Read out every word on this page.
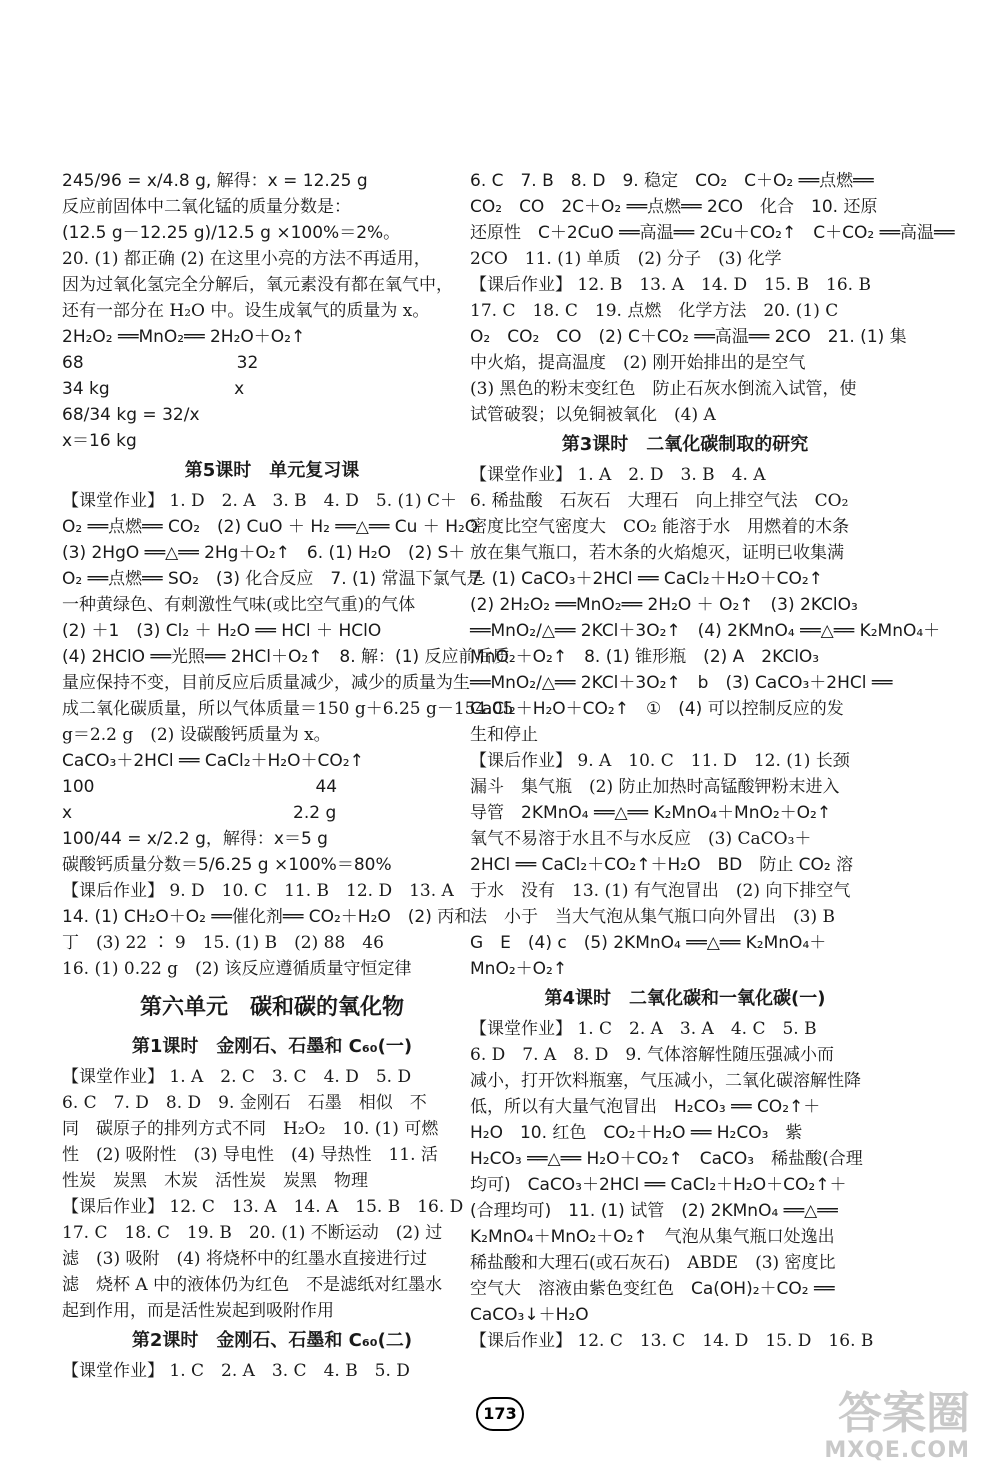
245/96 = x/4.8 g, 解得：x = 12.25 g
反应前固体中二氧化锰的质量分数是：
(12.5 g－12.25 g)/12.5 g ×100%＝2%。
20. (1) 都正确 (2) 在这里小亮的方法不再适用，
因为过氧化氢完全分解后，氧元素没有都在氧气中，
还有一部分在 H₂O 中。设生成氧气的质量为 x。
2H₂O₂ ══MnO₂══ 2H₂O＋O₂↑
68　　　　　　　　　32
34 kg　　　　　　　 x
68/34 kg = 32/x
x＝16 kg
第5课时　单元复习课
【课堂作业】 1. D　2. A　3. B　4. D　5. (1) C＋
O₂ ══点燃══ CO₂　(2) CuO ＋ H₂ ══△══ Cu ＋ H₂O
(3) 2HgO ══△══ 2Hg＋O₂↑　6. (1) H₂O　(2) S＋
O₂ ══点燃══ SO₂　(3) 化合反应　7. (1) 常温下氯气是
一种黄绿色、有刺激性气味(或比空气重)的气体
(2) ＋1　(3) Cl₂ ＋ H₂O ══ HCl ＋ HClO
(4) 2HClO ══光照══ 2HCl＋O₂↑　8. 解：(1) 反应前后质
量应保持不变，目前反应后质量减少，减少的质量为生
成二氧化碳质量，所以气体质量＝150 g＋6.25 g－154.05
g＝2.2 g　(2) 设碳酸钙质量为 x。
CaCO₃＋2HCl ══ CaCl₂＋H₂O＋CO₂↑
100　　　　　　　　　　　　　44
x　　　　　　　　　　　　　2.2 g
100/44 = x/2.2 g，解得：x＝5 g
碳酸钙质量分数＝5/6.25 g ×100%＝80%
【课后作业】 9. D　10. C　11. B　12. D　13. A
14. (1) CH₂O＋O₂ ══催化剂══ CO₂＋H₂O　(2) 丙和
丁　(3) 22 ∶ 9　15. (1) B　(2) 88　46
16. (1) 0.22 g　(2) 该反应遵循质量守恒定律
第六单元　碳和碳的氧化物
第1课时　金刚石、石墨和 C₆₀(一)
【课堂作业】 1. A　2. C　3. C　4. D　5. D
6. C　7. D　8. D　9. 金刚石　石墨　相似　不
同　碳原子的排列方式不同　H₂O₂　10. (1) 可燃
性　(2) 吸附性　(3) 导电性　(4) 导热性　11. 活
性炭　炭黑　木炭　活性炭　炭黑　物理
【课后作业】 12. C　13. A　14. A　15. B　16. D
17. C　18. C　19. B　20. (1) 不断运动　(2) 过
滤　(3) 吸附　(4) 将烧杯中的红墨水直接进行过
滤　烧杯 A 中的液体仍为红色　不是滤纸对红墨水
起到作用，而是活性炭起到吸附作用
第2课时　金刚石、石墨和 C₆₀(二)
【课堂作业】 1. C　2. A　3. C　4. B　5. D
6. C　7. B　8. D　9. 稳定　CO₂　C＋O₂ ══点燃══
CO₂　CO　2C＋O₂ ══点燃══ 2CO　化合　10. 还原
还原性　C＋2CuO ══高温══ 2Cu＋CO₂↑　C＋CO₂ ══高温══
2CO　11. (1) 单质　(2) 分子　(3) 化学
【课后作业】 12. B　13. A　14. D　15. B　16. B
17. C　18. C　19. 点燃　化学方法　20. (1) C
O₂　CO₂　CO　(2) C＋CO₂ ══高温══ 2CO　21. (1) 集
中火焰，提高温度　(2) 刚开始排出的是空气
(3) 黑色的粉末变红色　防止石灰水倒流入试管，使
试管破裂；以免铜被氧化　(4) A
第3课时　二氧化碳制取的研究
【课堂作业】 1. A　2. D　3. B　4. A
6. 稀盐酸　石灰石　大理石　向上排空气法　CO₂
密度比空气密度大　CO₂ 能溶于水　用燃着的木条
放在集气瓶口，若木条的火焰熄灭，证明已收集满
7. (1) CaCO₃＋2HCl ══ CaCl₂＋H₂O＋CO₂↑
(2) 2H₂O₂ ══MnO₂══ 2H₂O ＋ O₂↑　(3) 2KClO₃
══MnO₂/△══ 2KCl＋3O₂↑　(4) 2KMnO₄ ══△══ K₂MnO₄＋
MnO₂＋O₂↑　8. (1) 锥形瓶　(2) A　2KClO₃
══MnO₂/△══ 2KCl＋3O₂↑　b　(3) CaCO₃＋2HCl ══
CaCl₂＋H₂O＋CO₂↑　①　(4) 可以控制反应的发
生和停止
【课后作业】 9. A　10. C　11. D　12. (1) 长颈
漏斗　集气瓶　(2) 防止加热时高锰酸钾粉末进入
导管　2KMnO₄ ══△══ K₂MnO₄＋MnO₂＋O₂↑
氧气不易溶于水且不与水反应　(3) CaCO₃＋
2HCl ══ CaCl₂＋CO₂↑＋H₂O　BD　防止 CO₂ 溶
于水　没有　13. (1) 有气泡冒出　(2) 向下排空气
法　小于　当大气泡从集气瓶口向外冒出　(3) B
G　E　(4) c　(5) 2KMnO₄ ══△══ K₂MnO₄＋
MnO₂＋O₂↑
第4课时　二氧化碳和一氧化碳(一)
【课堂作业】 1. C　2. A　3. A　4. C　5. B
6. D　7. A　8. D　9. 气体溶解性随压强减小而
减小，打开饮料瓶塞，气压减小，二氧化碳溶解性降
低，所以有大量气泡冒出　H₂CO₃ ══ CO₂↑＋
H₂O　10. 红色　CO₂＋H₂O ══ H₂CO₃　紫
H₂CO₃ ══△══ H₂O＋CO₂↑　CaCO₃　稀盐酸(合理
均可)　CaCO₃＋2HCl ══ CaCl₂＋H₂O＋CO₂↑＋
(合理均可)　11. (1) 试管　(2) 2KMnO₄ ══△══
K₂MnO₄＋MnO₂＋O₂↑　气泡从集气瓶口处逸出
稀盐酸和大理石(或石灰石)　ABDE　(3) 密度比
空气大　溶液由紫色变红色　Ca(OH)₂＋CO₂ ══
CaCO₃↓＋H₂O
【课后作业】 12. C　13. C　14. D　15. D　16. B
173	答案圈
MXQE.COM
